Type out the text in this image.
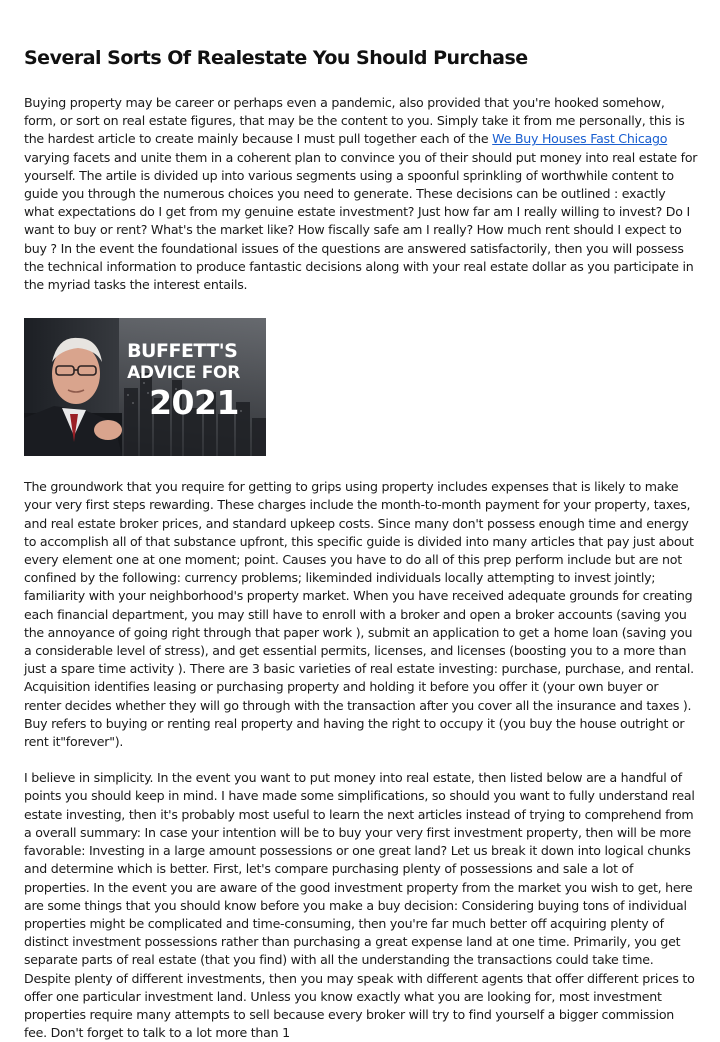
Several Sorts Of Realestate You Should Purchase

Buying property may be career or perhaps even a pandemic, also provided that you're hooked somehow, form, or sort on real estate figures, that may be the content to you. Simply take it from me personally, this is the hardest article to create mainly because I must pull together each of the We Buy Houses Fast Chicago varying facets and unite them in a coherent plan to convince you of their should put money into real estate for yourself. The artile is divided up into various segments using a spoonful sprinkling of worthwhile content to guide you through the numerous choices you need to generate. These decisions can be outlined : exactly what expectations do I get from my genuine estate investment? Just how far am I really willing to invest? Do I want to buy or rent? What's the market like? How fiscally safe am I really? How much rent should I expect to buy ? In the event the foundational issues of the questions are answered satisfactorily, then you will possess the technical information to produce fantastic decisions along with your real estate dollar as you participate in the myriad tasks the interest entails.

BUFFETT'S
ADVICE FOR
2021

The groundwork that you require for getting to grips using property includes expenses that is likely to make your very first steps rewarding. These charges include the month-to-month payment for your property, taxes, and real estate broker prices, and standard upkeep costs. Since many don't possess enough time and energy to accomplish all of that substance upfront, this specific guide is divided into many articles that pay just about every element one at one moment; point. Causes you have to do all of this prep perform include but are not confined by the following: currency problems; likeminded individuals locally attempting to invest jointly; familiarity with your neighborhood's property market. When you have received adequate grounds for creating each financial department, you may still have to enroll with a broker and open a broker accounts (saving you the annoyance of going right through that paper work ), submit an application to get a home loan (saving you a considerable level of stress), and get essential permits, licenses, and licenses (boosting you to a more than just a spare time activity ). There are 3 basic varieties of real estate investing: purchase, purchase, and rental. Acquisition identifies leasing or purchasing property and holding it before you offer it (your own buyer or renter decides whether they will go through with the transaction after you cover all the insurance and taxes ). Buy refers to buying or renting real property and having the right to occupy it (you buy the house outright or rent it"forever").

I believe in simplicity. In the event you want to put money into real estate, then listed below are a handful of points you should keep in mind. I have made some simplifications, so should you want to fully understand real estate investing, then it's probably most useful to learn the next articles instead of trying to comprehend from a overall summary: In case your intention will be to buy your very first investment property, then will be more favorable: Investing in a large amount possessions or one great land? Let us break it down into logical chunks and determine which is better. First, let's compare purchasing plenty of possessions and sale a lot of properties. In the event you are aware of the good investment property from the market you wish to get, here are some things that you should know before you make a buy decision: Considering buying tons of individual properties might be complicated and time-consuming, then you're far much better off acquiring plenty of distinct investment possessions rather than purchasing a great expense land at one time. Primarily, you get separate parts of real estate (that you find) with all the understanding the transactions could take time. Despite plenty of different investments, then you may speak with different agents that offer different prices to offer one particular investment land. Unless you know exactly what you are looking for, most investment properties require many attempts to sell because every broker will try to find yourself a bigger commission fee. Don't forget to talk to a lot more than 1
